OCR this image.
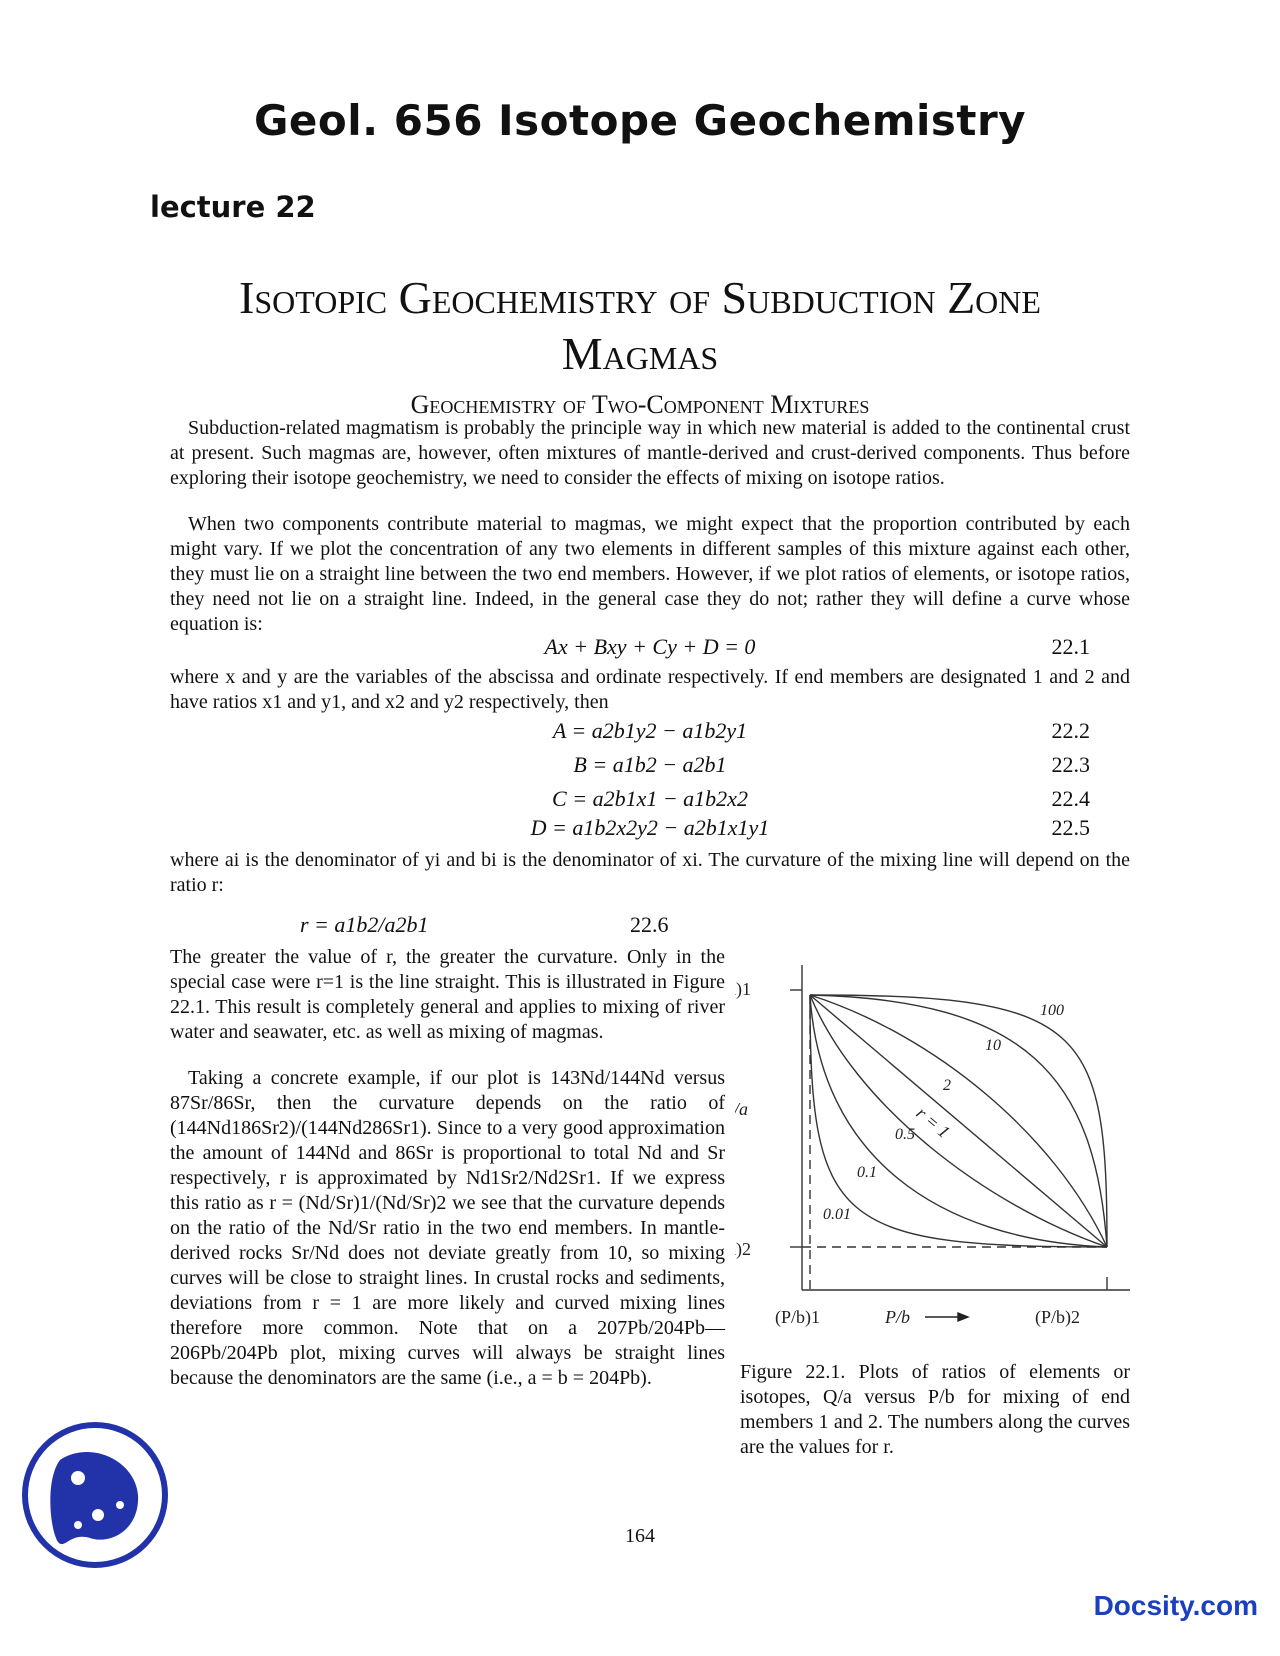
Geol. 656 Isotope Geochemistry
lecture 22
Isotopic Geochemistry of Subduction Zone
Magmas
Geochemistry of Two-Component Mixtures

Subduction-related magmatism is probably the principle way in which new material is added to the continental crust at present. Such magmas are, however, often mixtures of mantle-derived and crust-derived components. Thus before exploring their isotope geochemistry, we need to consider the effects of mixing on isotope ratios.

When two components contribute material to magmas, we might expect that the proportion contributed by each might vary. If we plot the concentration of any two elements in different samples of this mixture against each other, they must lie on a straight line between the two end members. However, if we plot ratios of elements, or isotope ratios, they need not lie on a straight line. Indeed, in the general case they do not; rather they will define a curve whose equation is:

Ax + Bxy + Cy + D = 0	22.1

where x and y are the variables of the abscissa and ordinate respectively. If end members are designated 1 and 2 and have ratios x1 and y1, and x2 and y2 respectively, then

A = a2b1y2 − a1b2y1	22.2
B = a1b2 − a2b1	22.3
C = a2b1x1 − a1b2x2	22.4
D = a1b2x2y2 − a2b1x1y1	22.5

where ai is the denominator of yi and bi is the denominator of xi. The curvature of the mixing line will depend on the ratio r:

r = a1b2/a2b1	22.6

The greater the value of r, the greater the curvature. Only in the special case were r=1 is the line straight. This is illustrated in Figure 22.1. This result is completely general and applies to mixing of river water and seawater, etc. as well as mixing of magmas.

Taking a concrete example, if our plot is 143Nd/144Nd versus 87Sr/86Sr, then the curvature depends on the ratio of (144Nd186Sr2)/(144Nd286Sr1). Since to a very good approximation the amount of 144Nd and 86Sr is proportional to total Nd and Sr respectively, r is approximated by Nd1Sr2/Nd2Sr1. If we express this ratio as r = (Nd/Sr)1/(Nd/Sr)2 we see that the curvature depends on the ratio of the Nd/Sr ratio in the two end members. In mantle-derived rocks Sr/Nd does not deviate greatly from 10, so mixing curves will be close to straight lines. In crustal rocks and sediments, deviations from r = 1 are more likely and curved mixing lines therefore more common. Note that on a 207Pb/204Pb—206Pb/204Pb plot, mixing curves will always be straight lines because the denominators are the same (i.e., a = b = 204Pb).

100
10
2
r = 1
0.5
0.1
0.01
)1
)2
/a
(P/b)1	P/b	(P/b)2
Figure 22.1. Plots of ratios of elements or isotopes, Q/a versus P/b for mixing of end members 1 and 2. The numbers along the curves are the values for r.
164
Docsity.com
